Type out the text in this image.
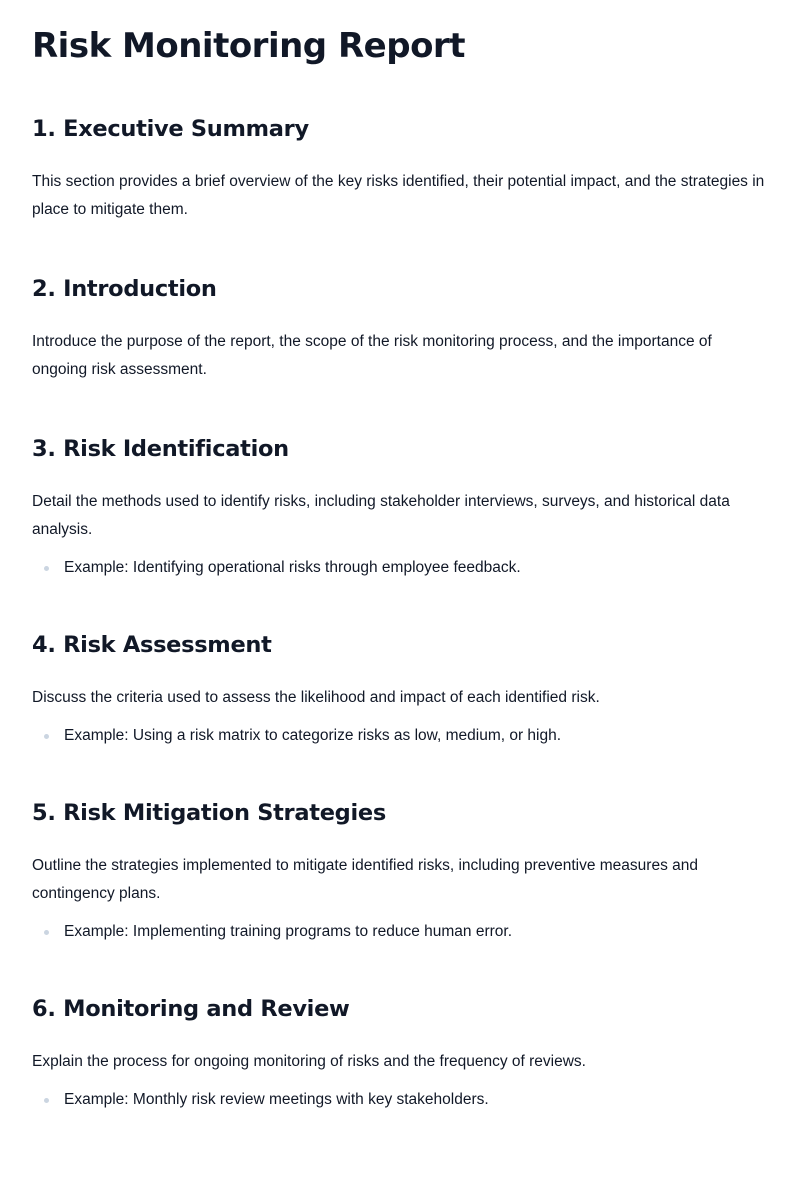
Risk Monitoring Report
1. Executive Summary

This section provides a brief overview of the key risks identified, their potential impact, and the strategies in place to mitigate them.

2. Introduction

Introduce the purpose of the report, the scope of the risk monitoring process, and the importance of ongoing risk assessment.

3. Risk Identification

Detail the methods used to identify risks, including stakeholder interviews, surveys, and historical data analysis.

Example: Identifying operational risks through employee feedback.
4. Risk Assessment

Discuss the criteria used to assess the likelihood and impact of each identified risk.

Example: Using a risk matrix to categorize risks as low, medium, or high.
5. Risk Mitigation Strategies

Outline the strategies implemented to mitigate identified risks, including preventive measures and contingency plans.

Example: Implementing training programs to reduce human error.
6. Monitoring and Review

Explain the process for ongoing monitoring of risks and the frequency of reviews.

Example: Monthly risk review meetings with key stakeholders.
